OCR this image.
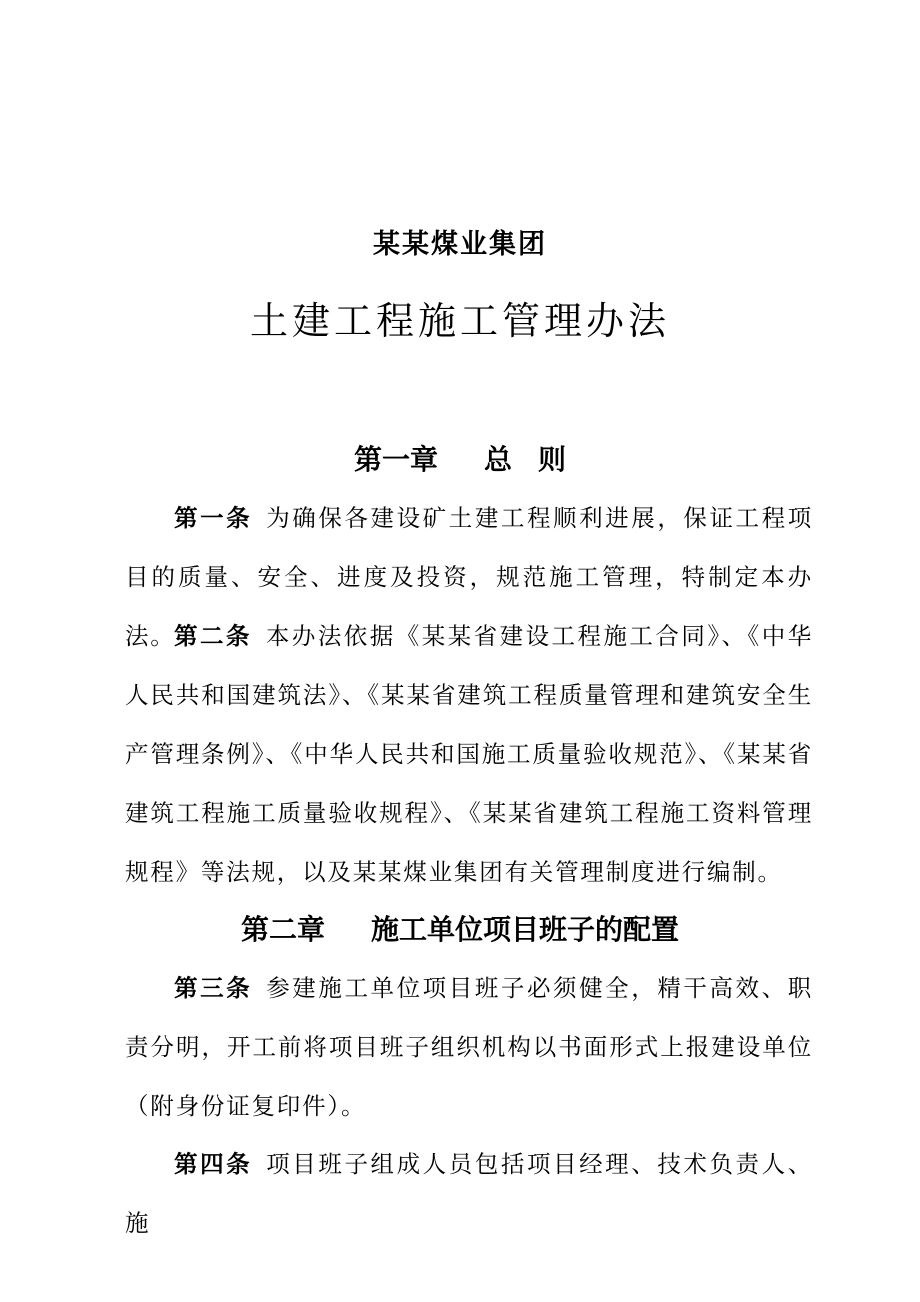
某某煤业集团
土建工程施工管理办法
第一章 总则
第一条 为确保各建设矿土建工程顺利进展，保证工程项目的质量、安全、进度及投资，规范施工管理，特制定本办法。
第二条 本办法依据《某某省建设工程施工合同》、《中华人民共和国建筑法》、《某某省建筑工程质量管理和建筑安全生产管理条例》、《中华人民共和国施工质量验收规范》、《某某省建筑工程施工质量验收规程》、《某某省建筑工程施工资料管理规程》等法规，以及某某煤业集团有关管理制度进行编制。
第二章 施工单位项目班子的配置
第三条 参建施工单位项目班子必须健全，精干高效、职责分明，开工前将项目班子组织机构以书面形式上报建设单位（附身份证复印件）。
第四条 项目班子组成人员包括项目经理、技术负责人、施
